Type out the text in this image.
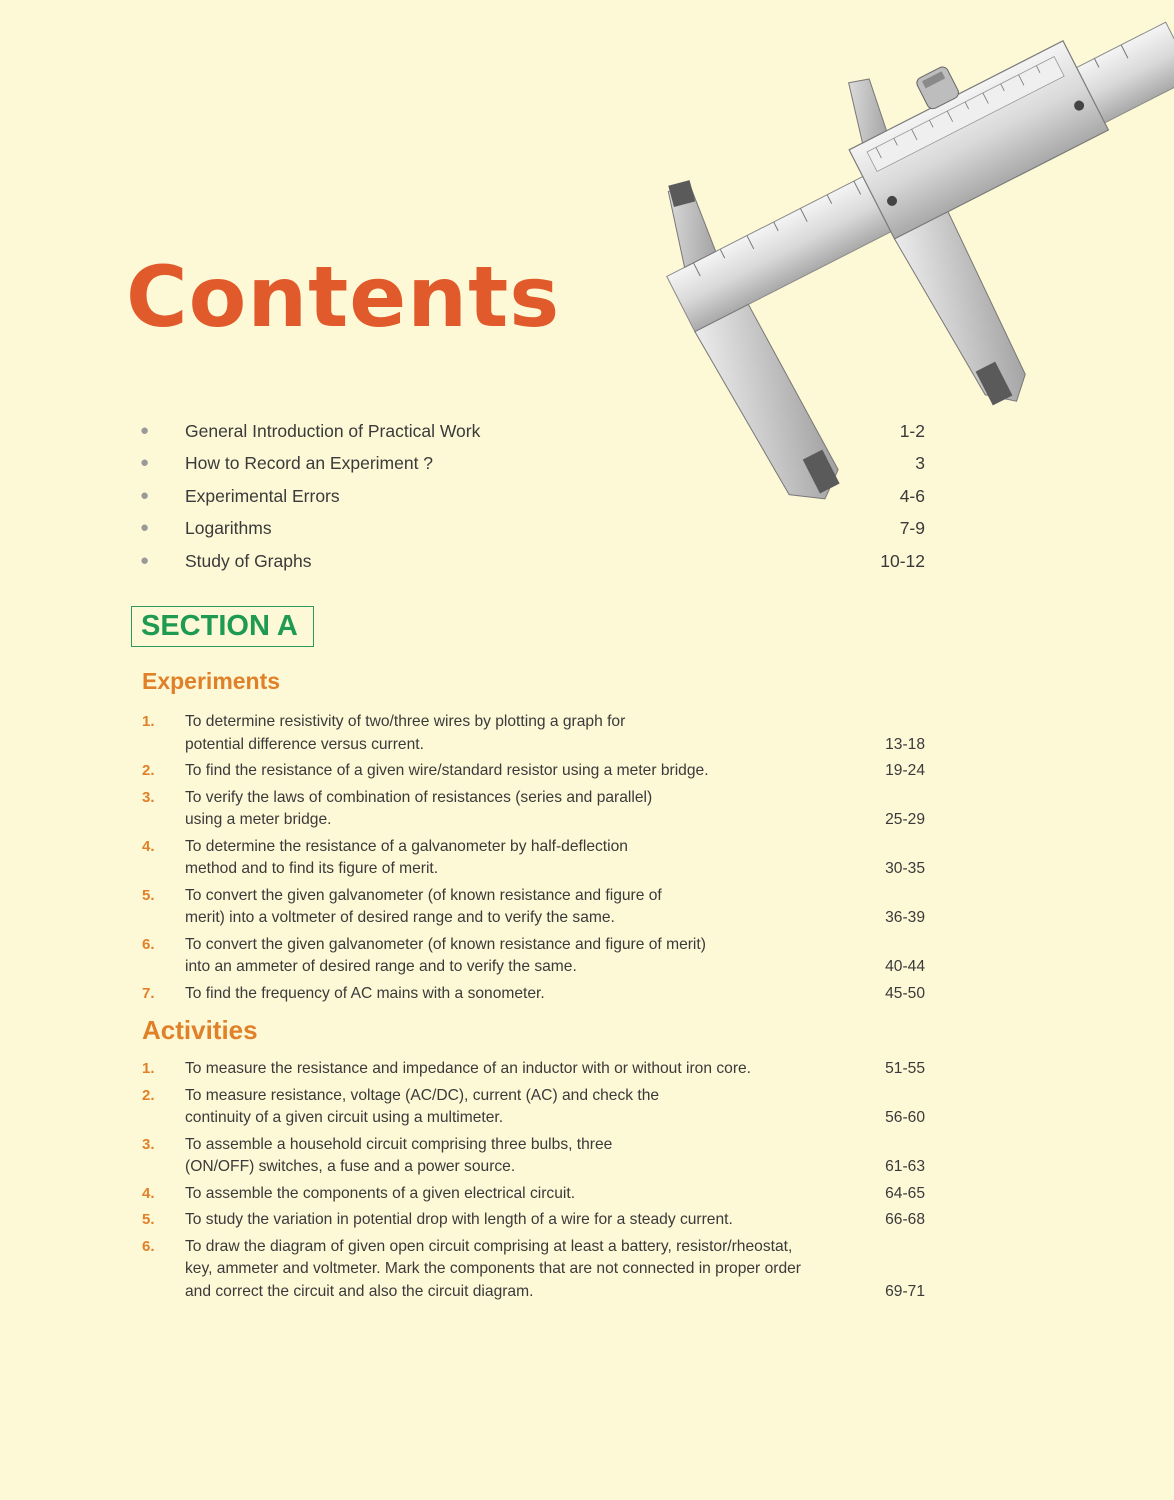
Contents
● General Introduction of Practical Work	1-2
● How to Record an Experiment ?	3
● Experimental Errors	4-6
● Logarithms	7-9
● Study of Graphs	10-12
SECTION A
Experiments
1. To determine resistivity of two/three wires by plotting a graph for
potential difference versus current.	13-18
2. To find the resistance of a given wire/standard resistor using a meter bridge.	19-24
3. To verify the laws of combination of resistances (series and parallel)
using a meter bridge.	25-29
4. To determine the resistance of a galvanometer by half-deflection
method and to find its figure of merit.	30-35
5. To convert the given galvanometer (of known resistance and figure of
merit) into a voltmeter of desired range and to verify the same.	36-39
6. To convert the given galvanometer (of known resistance and figure of merit)
into an ammeter of desired range and to verify the same.	40-44
7. To find the frequency of AC mains with a sonometer.	45-50
Activities
1. To measure the resistance and impedance of an inductor with or without iron core.	51-55
2. To measure resistance, voltage (AC/DC), current (AC) and check the
continuity of a given circuit using a multimeter.	56-60
3. To assemble a household circuit comprising three bulbs, three
(ON/OFF) switches, a fuse and a power source.	61-63
4. To assemble the components of a given electrical circuit.	64-65
5. To study the variation in potential drop with length of a wire for a steady current.	66-68
6. To draw the diagram of given open circuit comprising at least a battery, resistor/rheostat,
key, ammeter and voltmeter. Mark the components that are not connected in proper order
and correct the circuit and also the circuit diagram.	69-71
